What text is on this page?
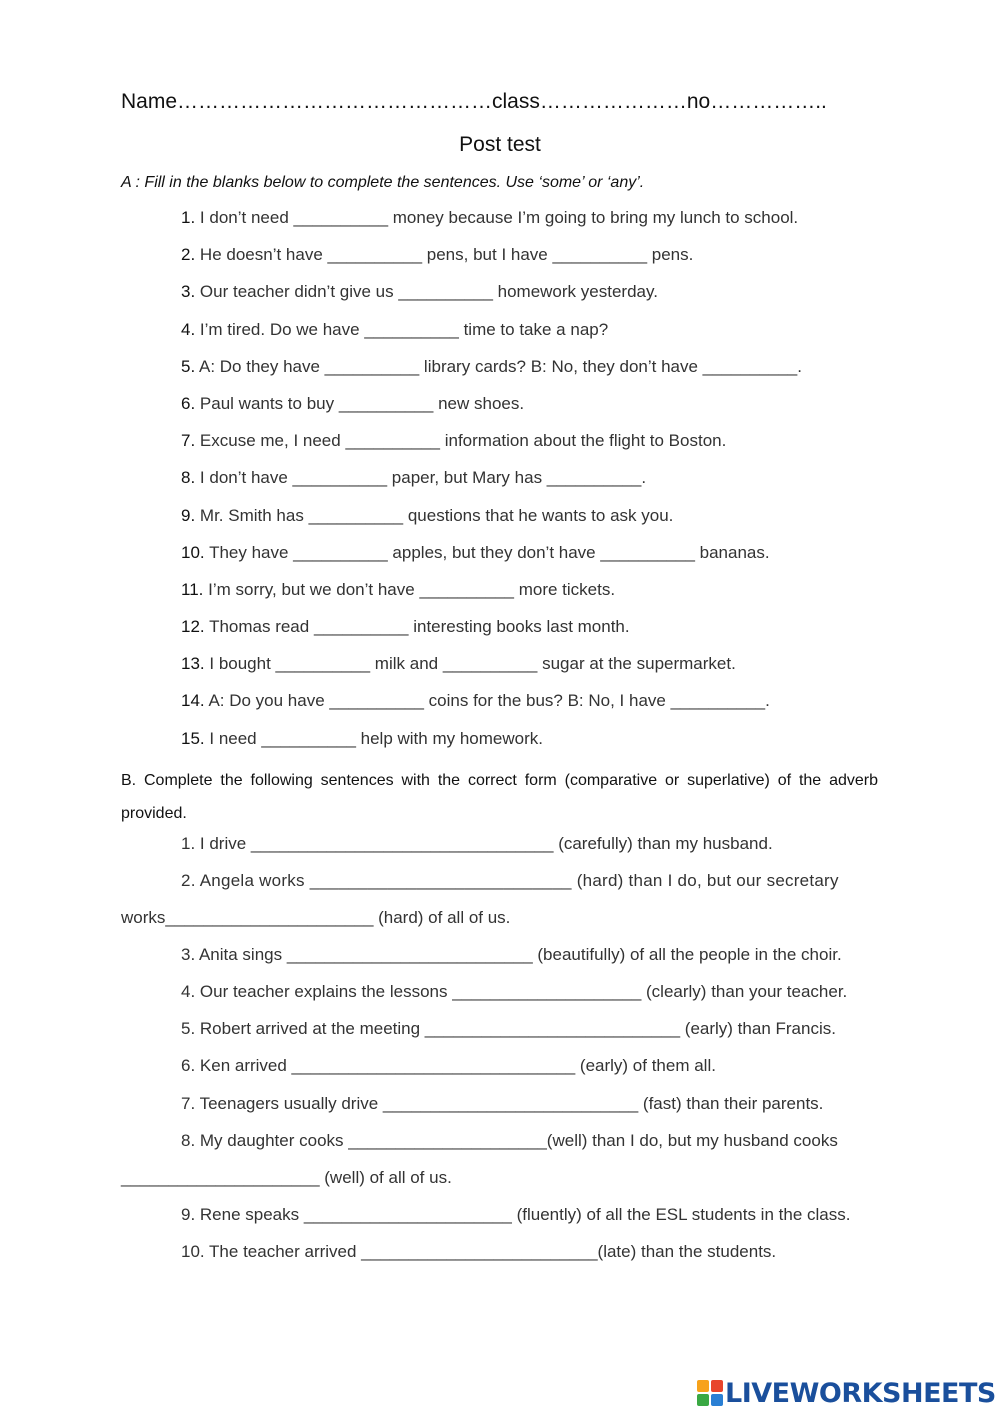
Name………………………………………class…………………no……………..
Post test
A : Fill in the blanks below to complete the sentences. Use ‘some’ or ‘any’.
1. I don’t need __________ money because I’m going to bring my lunch to school.
2. He doesn’t have __________ pens, but I have __________ pens.
3. Our teacher didn’t give us __________ homework yesterday.
4. I’m tired. Do we have __________ time to take a nap?
5. A: Do they have __________ library cards? B: No, they don’t have __________.
6. Paul wants to buy __________ new shoes.
7. Excuse me, I need __________ information about the flight to Boston.
8. I don’t have __________ paper, but Mary has __________.
9. Mr. Smith has __________ questions that he wants to ask you.
10. They have __________ apples, but they don’t have __________ bananas.
11. I’m sorry, but we don’t have __________ more tickets.
12. Thomas read __________ interesting books last month.
13. I bought __________ milk and __________ sugar at the supermarket.
14. A: Do you have __________ coins for the bus? B: No, I have __________.
15. I need __________ help with my homework.
B. Complete the following sentences with the correct form (comparative or superlative) of the adverb provided.
1. I drive ________________________________ (carefully) than my husband.
2. Angela works ___________________________ (hard) than I do, but our secretary
works______________________ (hard) of all of us.
3. Anita sings __________________________ (beautifully) of all the people in the choir.
4. Our teacher explains the lessons ____________________ (clearly) than your teacher.
5. Robert arrived at the meeting ___________________________ (early) than Francis.
6. Ken arrived ______________________________ (early) of them all.
7. Teenagers usually drive ___________________________ (fast) than their parents.
8. My daughter cooks _____________________(well) than I do, but my husband cooks
_____________________ (well) of all of us.
9. Rene speaks ______________________ (fluently) of all the ESL students in the class.
10. The teacher arrived _________________________(late) than the students.
LIVEWORKSHEETS
